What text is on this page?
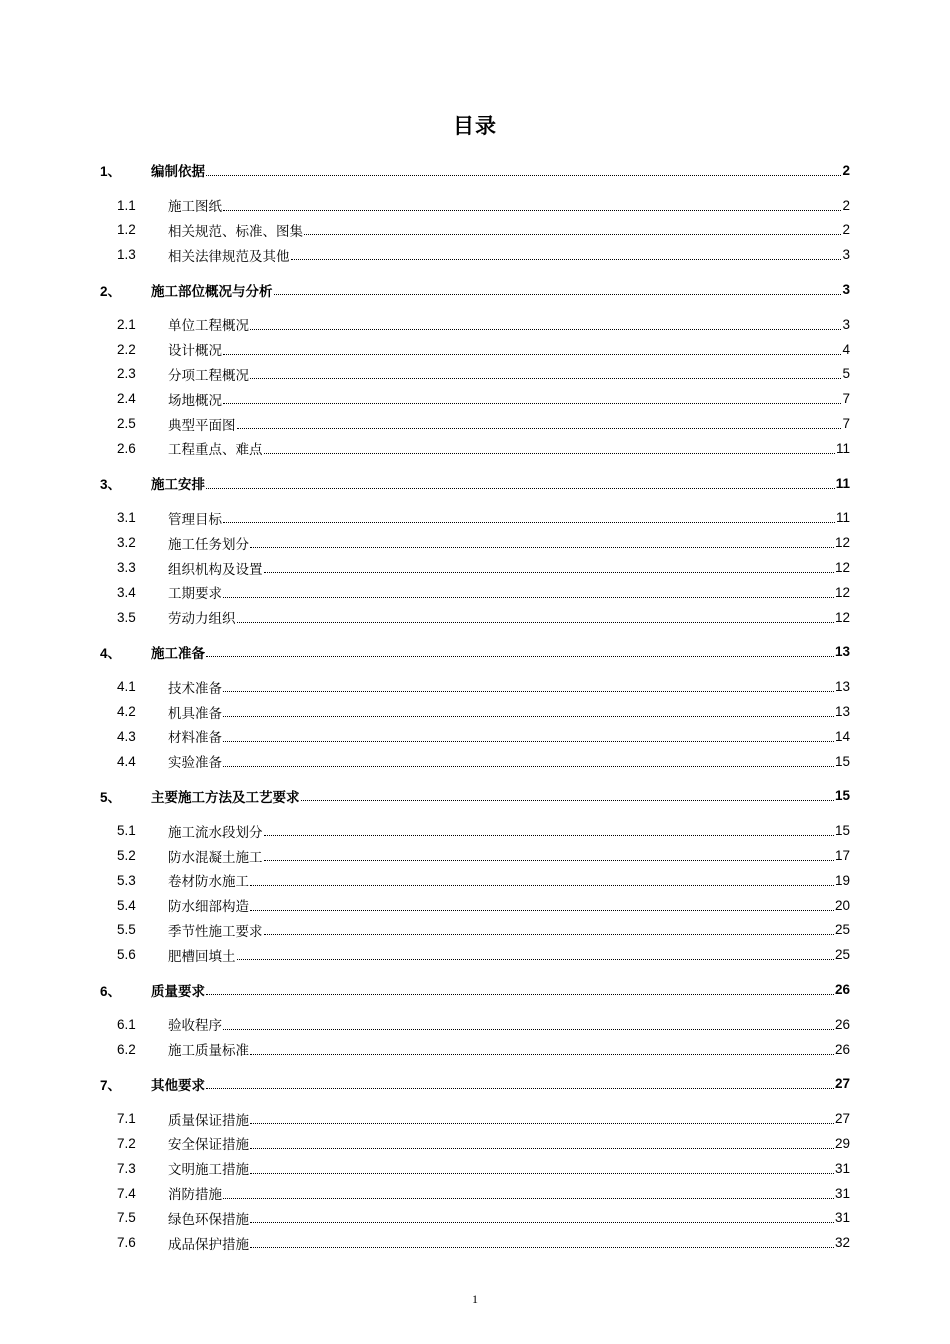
目录
1、 编制依据	2
1.1 施工图纸	2
1.2 相关规范、标准、图集	2
1.3 相关法律规范及其他	3
2、 施工部位概况与分析	3
2.1 单位工程概况	3
2.2 设计概况	4
2.3 分项工程概况	5
2.4 场地概况	7
2.5 典型平面图	7
2.6 工程重点、难点	11
3、 施工安排	11
3.1 管理目标	11
3.2 施工任务划分	12
3.3 组织机构及设置	12
3.4 工期要求	12
3.5 劳动力组织	12
4、 施工准备	13
4.1 技术准备	13
4.2 机具准备	13
4.3 材料准备	14
4.4 实验准备	15
5、 主要施工方法及工艺要求	15
5.1 施工流水段划分	15
5.2 防水混凝土施工	17
5.3 卷材防水施工	19
5.4 防水细部构造	20
5.5 季节性施工要求	25
5.6 肥槽回填土	25
6、 质量要求	26
6.1 验收程序	26
6.2 施工质量标准	26
7、 其他要求	27
7.1 质量保证措施	27
7.2 安全保证措施	29
7.3 文明施工措施	31
7.4 消防措施	31
7.5 绿色环保措施	31
7.6 成品保护措施	32
1
